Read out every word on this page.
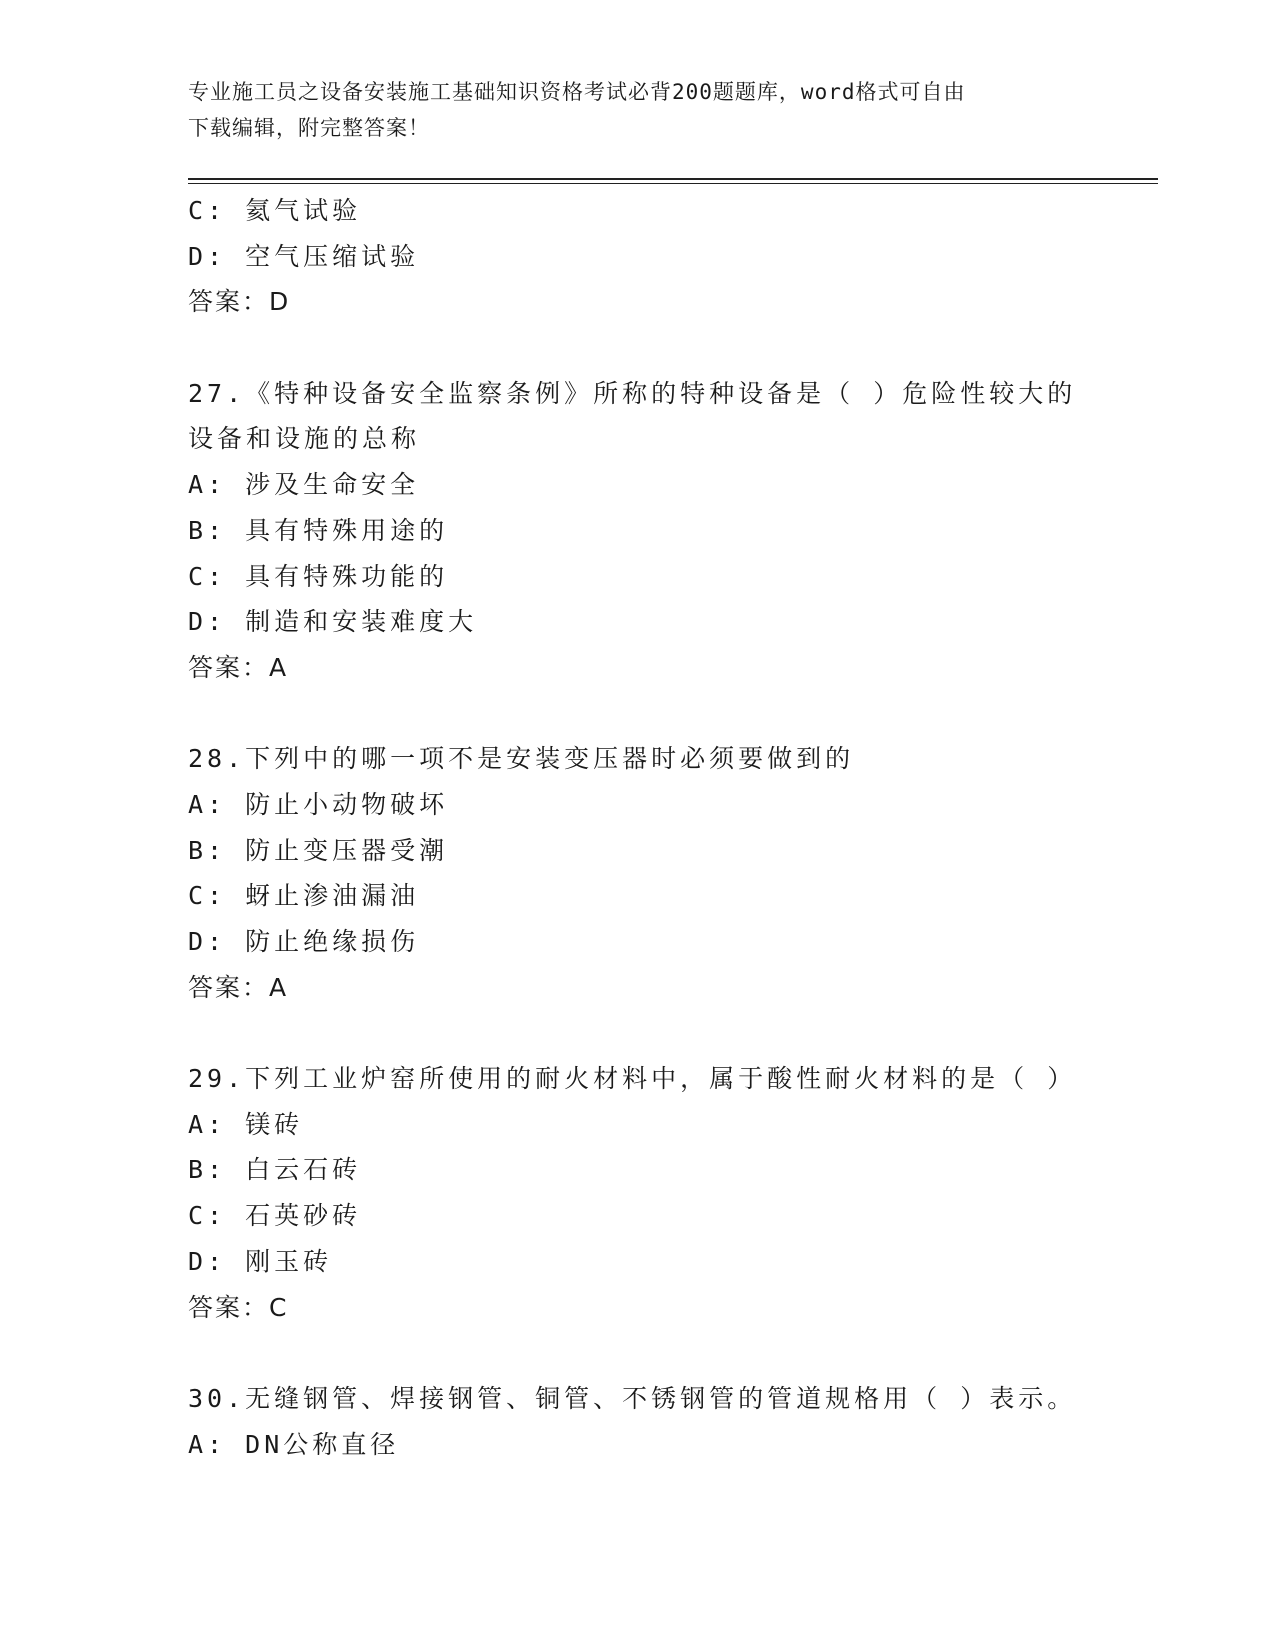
专业施工员之设备安装施工基础知识资格考试必背200题题库，word格式可自由
下载编辑，附完整答案！
C: 氦气试验
D: 空气压缩试验
答案：D
27.《特种设备安全监察条例》所称的特种设备是（ ）危险性较大的
设备和设施的总称
A: 涉及生命安全
B: 具有特殊用途的
C: 具有特殊功能的
D: 制造和安装难度大
答案：A
28.下列中的哪一项不是安装变压器时必须要做到的
A: 防止小动物破坏
B: 防止变压器受潮
C: 蚜止渗油漏油
D: 防止绝缘损伤
答案：A
29.下列工业炉窑所使用的耐火材料中，属于酸性耐火材料的是（ ）
A: 镁砖
B: 白云石砖
C: 石英砂砖
D: 刚玉砖
答案：C
30.无缝钢管、焊接钢管、铜管、不锈钢管的管道规格用（ ）表示。
A: DN公称直径
